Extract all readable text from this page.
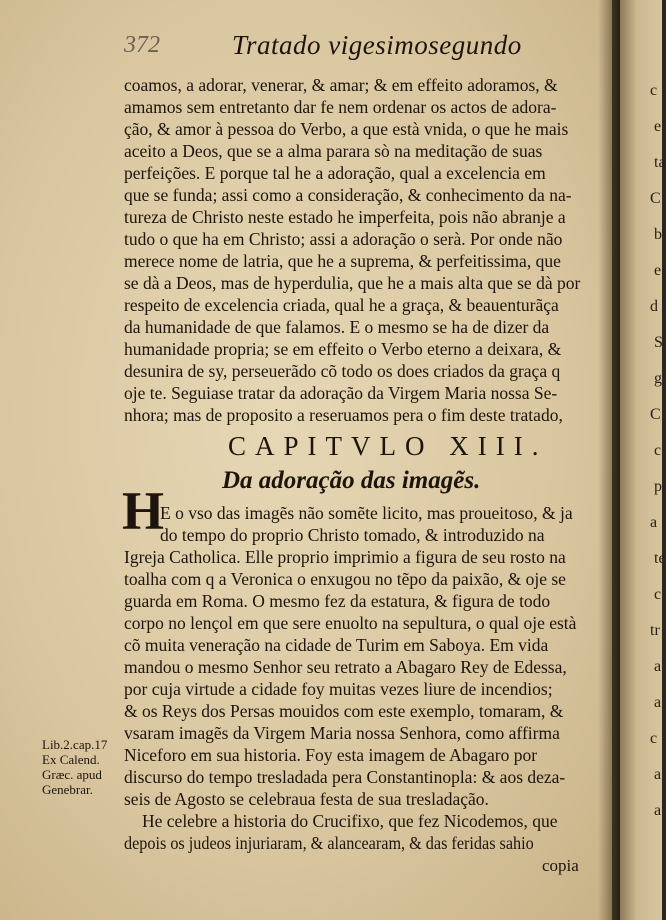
c
e
ta
C
b
e
d
S
g
C
c
p
a
te
c
tr
a
a
c
a
a
372	Tratado vigesimosegundo
coamos, a adorar, venerar, & amar; & em effeito adoramos, &
amamos sem entretanto dar fe nem ordenar os actos de adora-
ção, & amor à pessoa do Verbo, a que està vnida, o que he mais
aceito a Deos, que se a alma parara sò na meditação de suas
perfeições. E porque tal he a adoração, qual a excelencia em
que se funda; assi como a consideração, & conhecimento da na-
tureza de Christo neste estado he imperfeita, pois não abranje a
tudo o que ha em Christo; assi a adoração o serà. Por onde não
merece nome de latria, que he a suprema, & perfeitissima, que
se dà a Deos, mas de hyperdulia, que he a mais alta que se dà por
respeito de excelencia criada, qual he a graça, & beauenturãça
da humanidade de que falamos. E o mesmo se ha de dizer da
humanidade propria; se em effeito o Verbo eterno a deixara, &
desunira de sy, perseuerãdo cõ todo os does criados da graça q
oje te. Seguiase tratar da adoração da Virgem Maria nossa Se-
nhora; mas de proposito a reseruamos pera o fim deste tratado,
CAPITVLO XIII.
Da adoração das imagẽs.
H
E o vso das imagẽs não somẽte licito, mas proueitoso, & ja
do tempo do proprio Christo tomado, & introduzido na
Igreja Catholica. Elle proprio imprimio a figura de seu rosto na
toalha com q a Veronica o enxugou no tẽpo da paixão, & oje se
guarda em Roma. O mesmo fez da estatura, & figura de todo
corpo no lençol em que sere enuolto na sepultura, o qual oje està
cõ muita veneração na cidade de Turim em Saboya. Em vida
mandou o mesmo Senhor seu retrato a Abagaro Rey de Edessa,
por cuja virtude a cidade foy muitas vezes liure de incendios;
& os Reys dos Persas mouidos com este exemplo, tomaram, &
vsaram imagẽs da Virgem Maria nossa Senhora, como affirma
Niceforo em sua historia. Foy esta imagem de Abagaro por
discurso do tempo tresladada pera Constantinopla: & aos deza-
seis de Agosto se celebraua festa de sua tresladação.
He celebre a historia do Crucifixo, que fez Nicodemos, que
depois os judeos injuriaram, & alancearam, & das feridas sahio
copia
Lib.2.cap.17
Ex Calend.
Græc. apud
Genebrar.
